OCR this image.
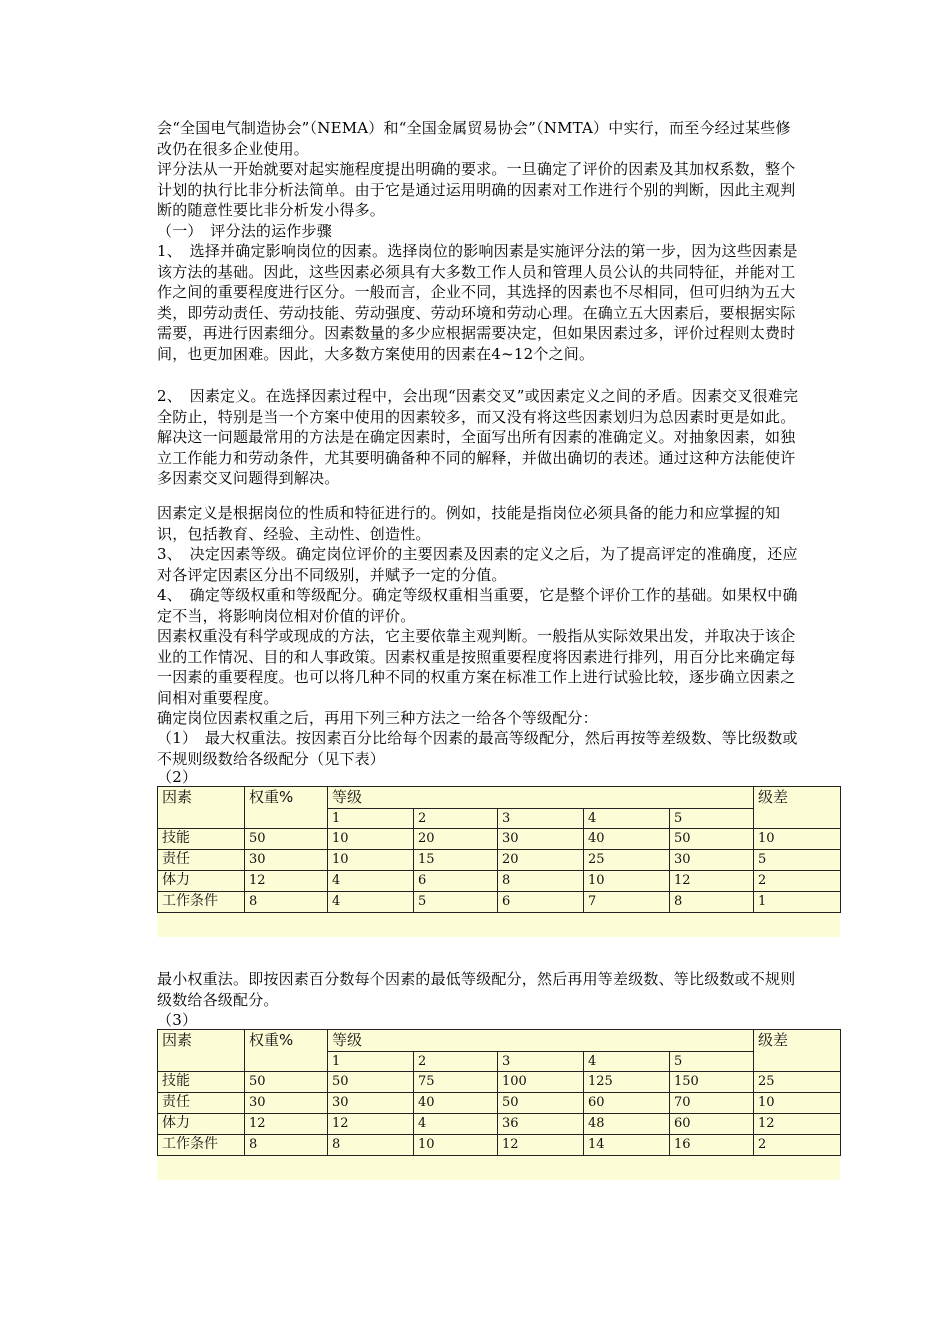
会“全国电气制造协会”（NEMA）和“全国金属贸易协会”（NMTA）中实行，而至今经过某些修改仍在很多企业使用。

评分法从一开始就要对起实施程度提出明确的要求。一旦确定了评价的因素及其加权系数，整个计划的执行比非分析法简单。由于它是通过运用明确的因素对工作进行个别的判断，因此主观判断的随意性要比非分析发小得多。

（一）　评分法的运作步骤

1、　选择并确定影响岗位的因素。选择岗位的影响因素是实施评分法的第一步，因为这些因素是该方法的基础。因此，这些因素必须具有大多数工作人员和管理人员公认的共同特征，并能对工作之间的重要程度进行区分。一般而言，企业不同，其选择的因素也不尽相同，但可归纳为五大类，即劳动责任、劳动技能、劳动强度、劳动环境和劳动心理。在确立五大因素后，要根据实际需要，再进行因素细分。因素数量的多少应根据需要决定，但如果因素过多，评价过程则太费时间，也更加困难。因此，大多数方案使用的因素在4~12个之间。

2、　因素定义。在选择因素过程中，会出现“因素交叉”或因素定义之间的矛盾。因素交叉很难完全防止，特别是当一个方案中使用的因素较多，而又没有将这些因素划归为总因素时更是如此。解决这一问题最常用的方法是在确定因素时，全面写出所有因素的准确定义。对抽象因素，如独立工作能力和劳动条件，尤其要明确备种不同的解释，并做出确切的表述。通过这种方法能使许多因素交叉问题得到解决。

因素定义是根据岗位的性质和特征进行的。例如，技能是指岗位必须具备的能力和应掌握的知识，包括教育、经验、主动性、创造性。

3、　决定因素等级。确定岗位评价的主要因素及因素的定义之后，为了提高评定的准确度，还应对各评定因素区分出不同级别，并赋予一定的分值。

4、　确定等级权重和等级配分。确定等级权重相当重要，它是整个评价工作的基础。如果权中确定不当，将影响岗位相对价值的评价。

因素权重没有科学或现成的方法，它主要依靠主观判断。一般指从实际效果出发，并取决于该企业的工作情况、目的和人事政策。因素权重是按照重要程度将因素进行排列，用百分比来确定每一因素的重要程度。也可以将几种不同的权重方案在标准工作上进行试验比较，逐步确立因素之间相对重要程度。

确定岗位因素权重之后，再用下列三种方法之一给各个等级配分：

（1）　最大权重法。按因素百分比给每个因素的最高等级配分，然后再按等差级数、等比级数或不规则级数给各级配分（见下表）

（2）

因素	权重%	等级					级差
		1	2	3	4	5	
技能	50	10	20	30	40	50	10
责任	30	10	15	20	25	30	5
体力	12	4	6	8	10	12	2
工作条件	8	4	5	6	7	8	1

最小权重法。即按因素百分数每个因素的最低等级配分，然后再用等差级数、等比级数或不规则级数给各级配分。

（3）

因素	权重%	等级					级差
		1	2	3	4	5	
技能	50	50	75	100	125	150	25
责任	30	30	40	50	60	70	10
体力	12	12	4	36	48	60	12
工作条件	8	8	10	12	14	16	2
